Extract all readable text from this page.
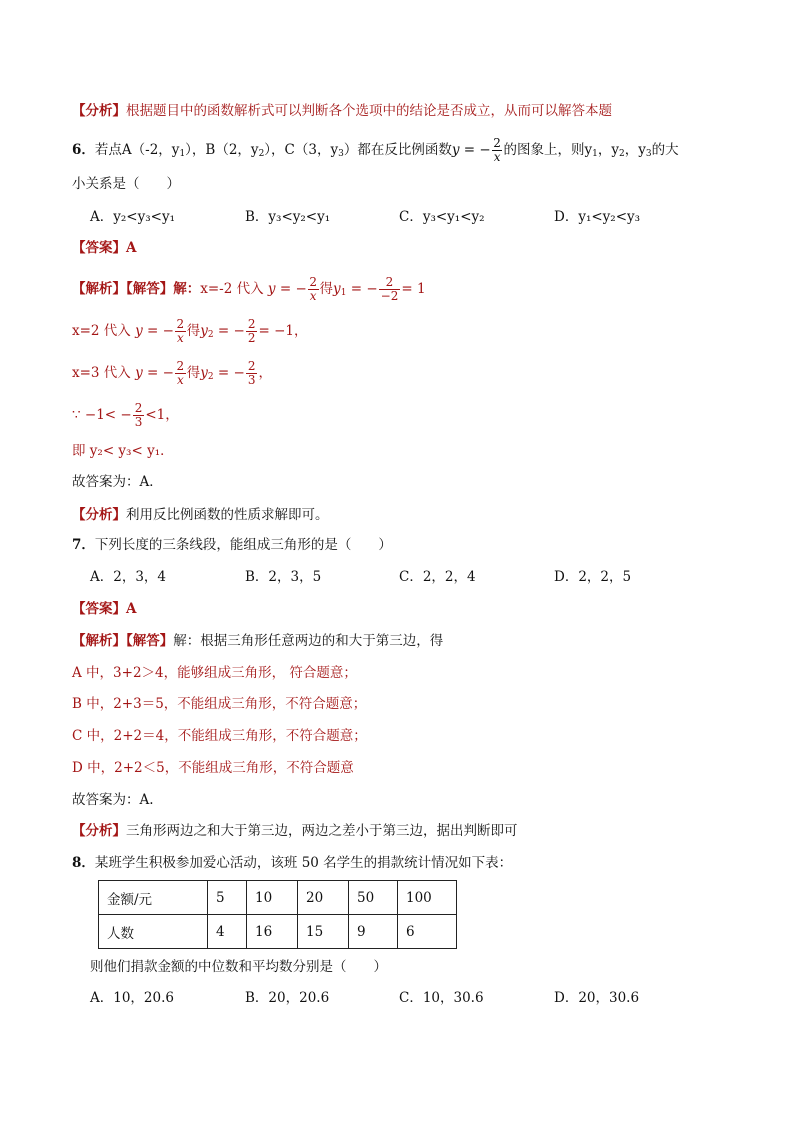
【分析】根据题目中的函数解析式可以判断各个选项中的结论是否成立，从而可以解答本题
6．若点A（-2，$y_1$），B（2，$y_2$），C（3，$y_3$）都在反比例函数y = − $\frac{2}{x}$ 的图象上，则$y_1$，$y_2$，$y_3$的大
小关系是（　　）
A．y₂<y₃<y₁	B．y₃<y₂<y₁	C．y₃<y₁<y₂	D．y₁<y₂<y₃
【答案】A
【解析】【解答】解：x=-2 代入 y = − $\frac{2}{x}$ 得$y_1$ = − $\frac{2}{-2} = 1$
x=2 代入 y = − $\frac{2}{x}$ 得$y_2$ = − $\frac{2}{2} = -1$，
x=3 代入 y = − $\frac{2}{x}$ 得$y_2$ = − $\frac{2}{3}$ ，
∵ $-1< - \frac{2}{3} <1$，
即 y₂< y₃< y₁．
故答案为：A．
【分析】利用反比例函数的性质求解即可。
7．下列长度的三条线段，能组成三角形的是（　　）
A．2，3，4	B．2，3，5	C．2，2，4	D．2，2，5
【答案】A
【解析】【解答】解：根据三角形任意两边的和大于第三边，得
A 中，3+2＞4，能够组成三角形， 符合题意；
B 中，2+3＝5，不能组成三角形，不符合题意；
C 中，2+2＝4，不能组成三角形，不符合题意；
D 中，2+2＜5，不能组成三角形，不符合题意
故答案为：A.
【分析】三角形两边之和大于第三边，两边之差小于第三边，据出判断即可
8．某班学生积极参加爱心活动，该班 50 名学生的捐款统计情况如下表：
金额/元	5	10	20	50	100
人数	4	16	15	9	6
则他们捐款金额的中位数和平均数分别是（　　）
A．10，20.6	B．20，20.6	C．10，30.6	D．20，30.6
